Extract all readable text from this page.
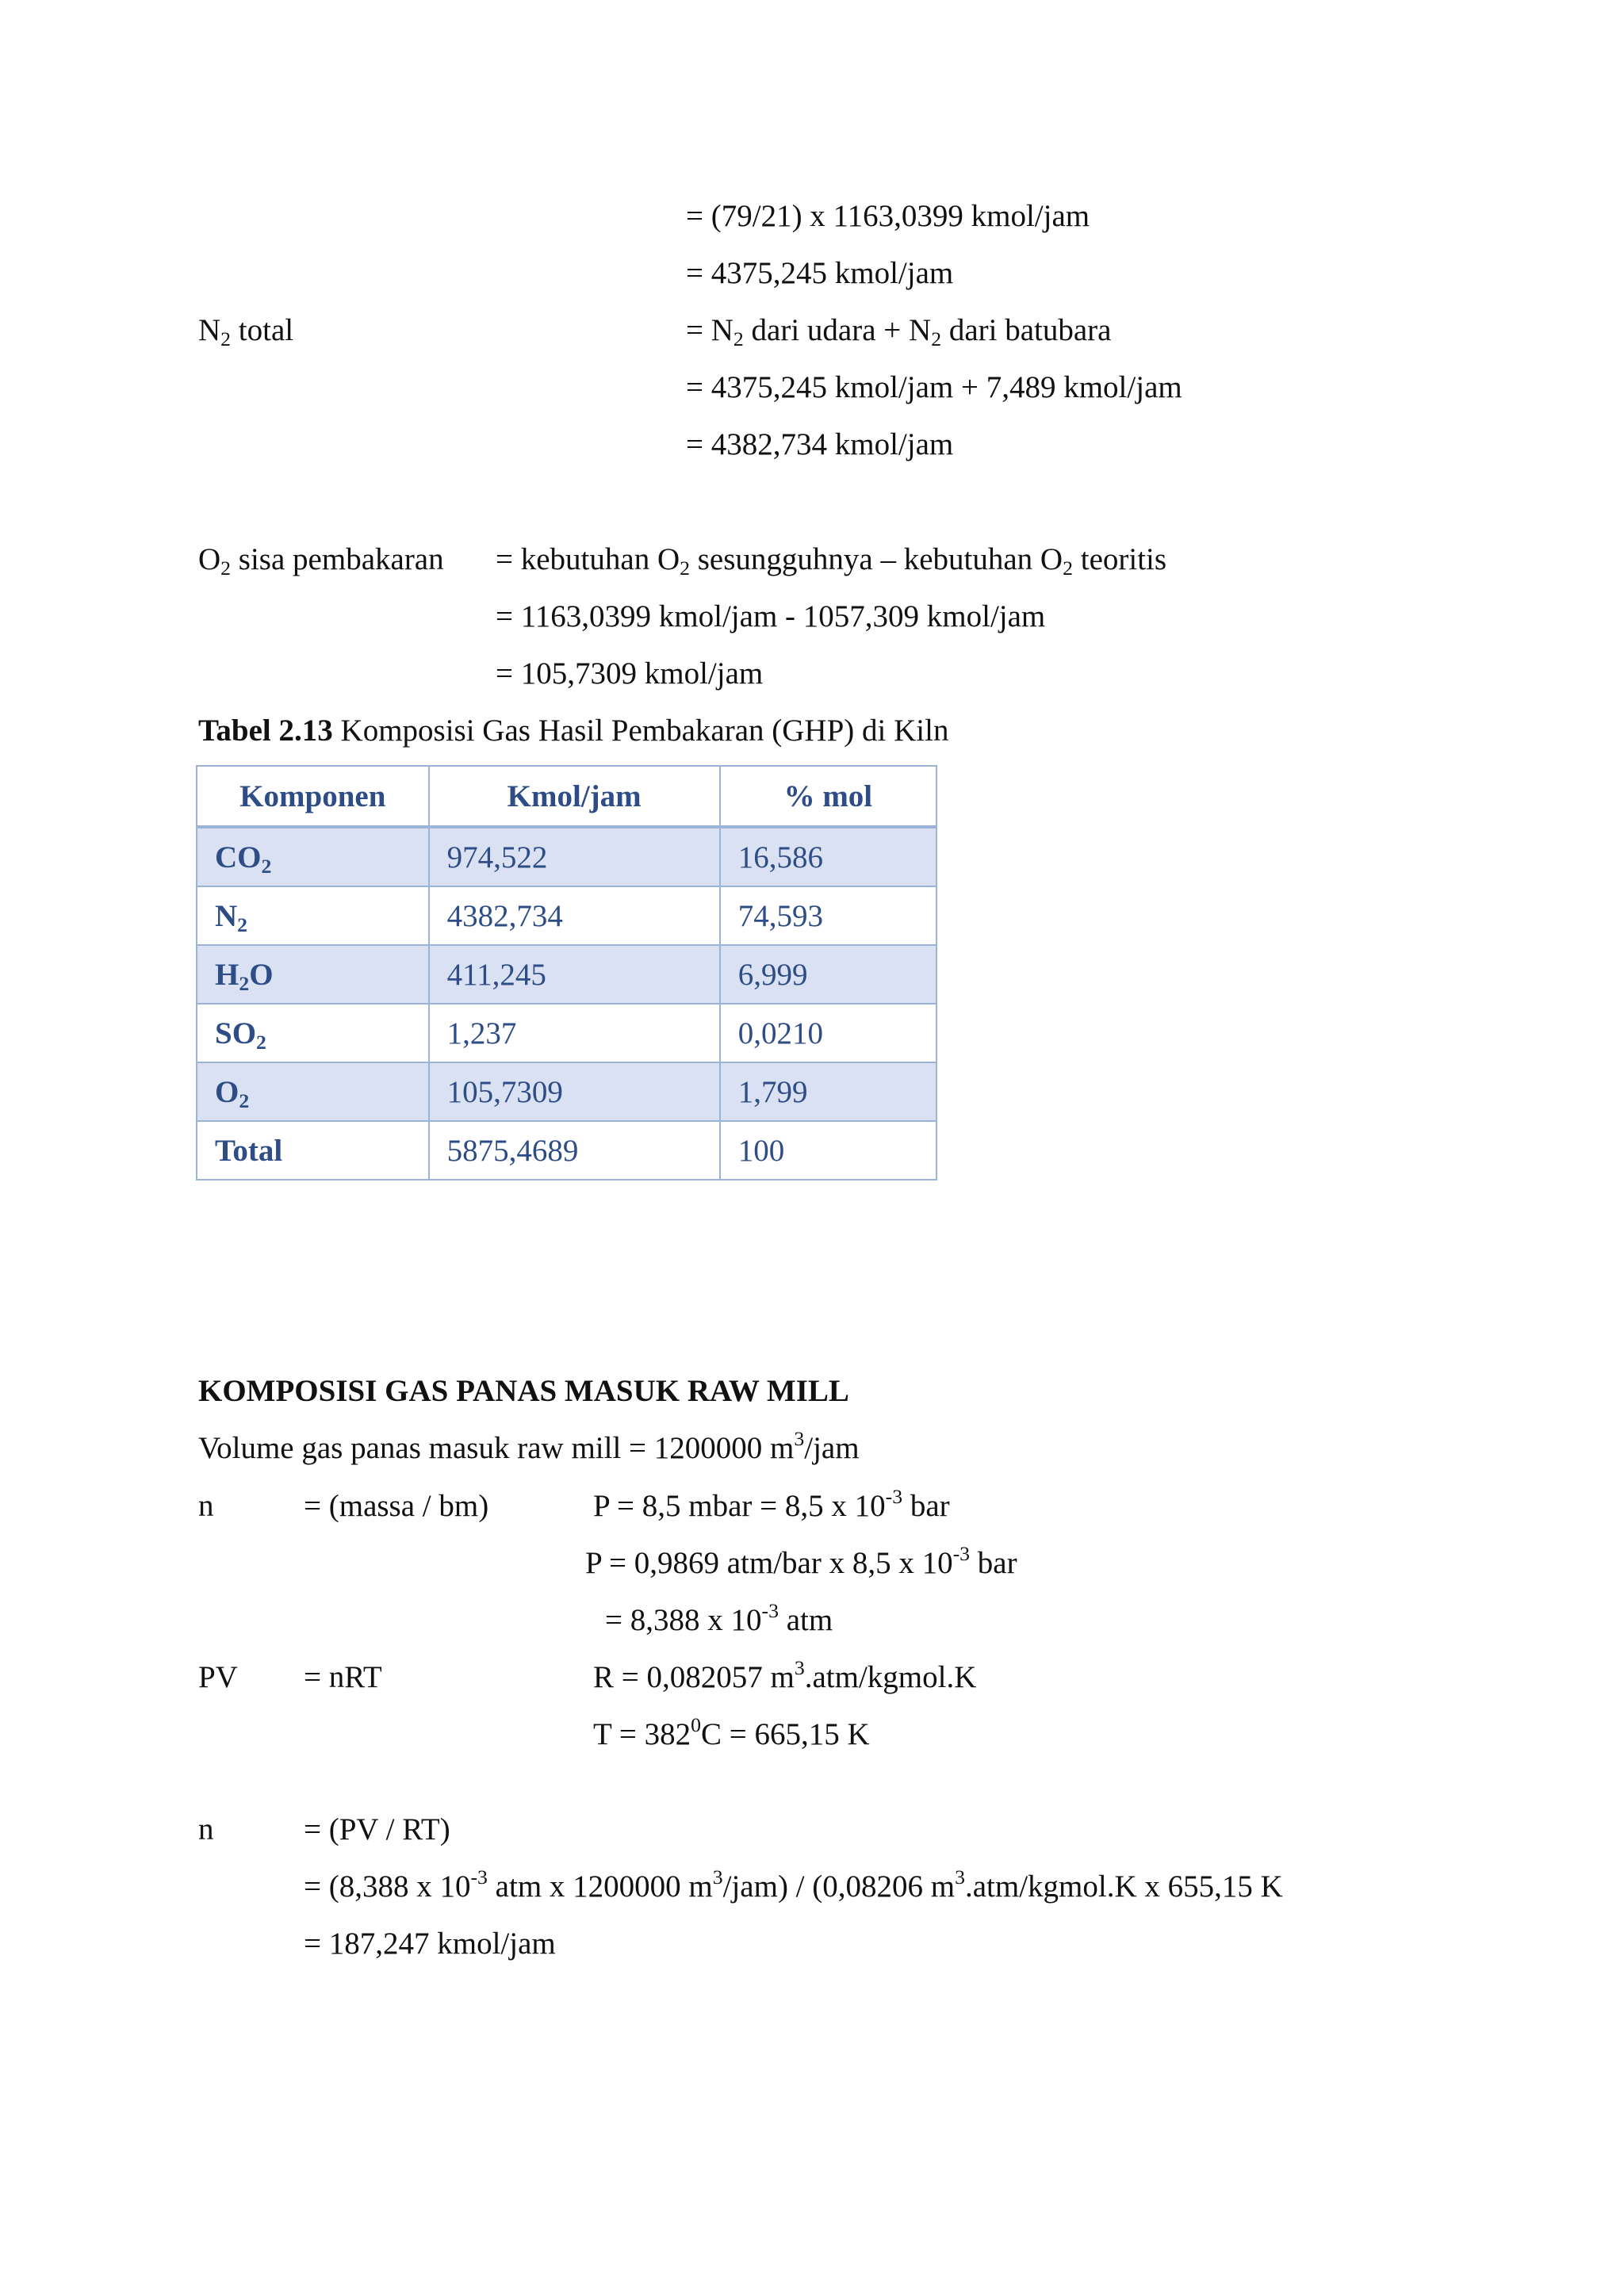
= (79/21) x 1163,0399 kmol/jam
= 4375,245 kmol/jam
$N_2$ total	= $N_2$ dari udara + $N_2$ dari batubara
= 4375,245 kmol/jam + 7,489 kmol/jam
= 4382,734 kmol/jam
$O_2$ sisa pembakaran = kebutuhan $O_2$ sesungguhnya – kebutuhan $O_2$ teoritis
= 1163,0399 kmol/jam - 1057,309 kmol/jam
= 105,7309 kmol/jam
Tabel 2.13 Komposisi Gas Hasil Pembakaran (GHP) di Kiln
Komponen	Kmol/jam	% mol
$CO_2$	974,522	16,586
$N_2$	4382,734	74,593
$H_2O$	411,245	6,999
$SO_2$	1,237	0,0210
$O_2$	105,7309	1,799
Total	5875,4689	100
KOMPOSISI GAS PANAS MASUK RAW MILL
Volume gas panas masuk raw mill = 1200000 $m^3$/jam
n	= (massa / bm)	P = 8,5 mbar = 8,5 x $10^{-3}$ bar
P = 0,9869 atm/bar x 8,5 x $10^{-3}$ bar
= 8,388 x $10^{-3}$ atm
PV = nRT	R = 0,082057 $m^3.atm/kgmol.K$
$T = 382^0C = 665,15$ K
n	= (PV / RT)
= (8,388 x $10^{-3}$ atm x 1200000 $m^3/jam) / (0,08206$ $m^3.atm/kgmol.K$ x 655,15 K
= 187,247 kmol/jam
